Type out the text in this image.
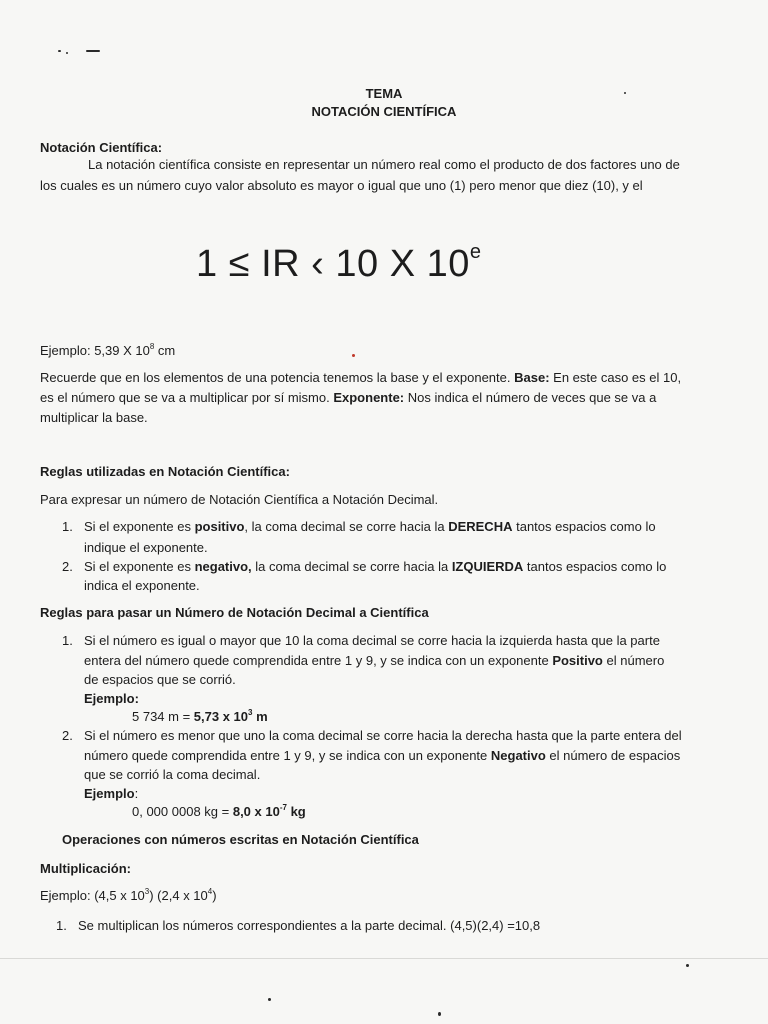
TEMA

NOTACIÓN CIENTÍFICA

Notación Científica:

La notación científica consiste en representar un número real como el producto de dos factores uno de

los cuales es un número cuyo valor absoluto es mayor o igual que uno (1) pero menor que diez (10), y el

1 ≤ IR ‹ 10 X 10e

Ejemplo: 5,39 X $10^8$ cm

Recuerde que en los elementos de una potencia tenemos la base y el exponente. Base: En este caso es el 10,

es el número que se va a multiplicar por sí mismo. Exponente: Nos indica el número de veces que se va a

multiplicar la base.

Reglas utilizadas en Notación Científica:

Para expresar un número de Notación Científica a Notación Decimal.

1. Si el exponente es positivo, la coma decimal se corre hacia la DERECHA tantos espacios como lo

indique el exponente.

2. Si el exponente es negativo, la coma decimal se corre hacia la IZQUIERDA tantos espacios como lo

indica el exponente.

Reglas para pasar un Número de Notación Decimal a Científica

1. Si el número es igual o mayor que 10 la coma decimal se corre hacia la izquierda hasta que la parte

entera del número quede comprendida entre 1 y 9, y se indica con un exponente Positivo el número

de espacios que se corrió.

Ejemplo:

5 734 m = 5,73 x $10^3$ m

2. Si el número es menor que uno la coma decimal se corre hacia la derecha hasta que la parte entera del

número quede comprendida entre 1 y 9, y se indica con un exponente Negativo el número de espacios

que se corrió la coma decimal.

Ejemplo:

0, 000 0008 kg = 8,0 x $10^{-7}$ kg

Operaciones con números escritas en Notación Científica

Multiplicación:

Ejemplo: (4,5 x $10^3$) (2,4 x $10^4$)

1. Se multiplican los números correspondientes a la parte decimal. (4,5)(2,4) =10,8
